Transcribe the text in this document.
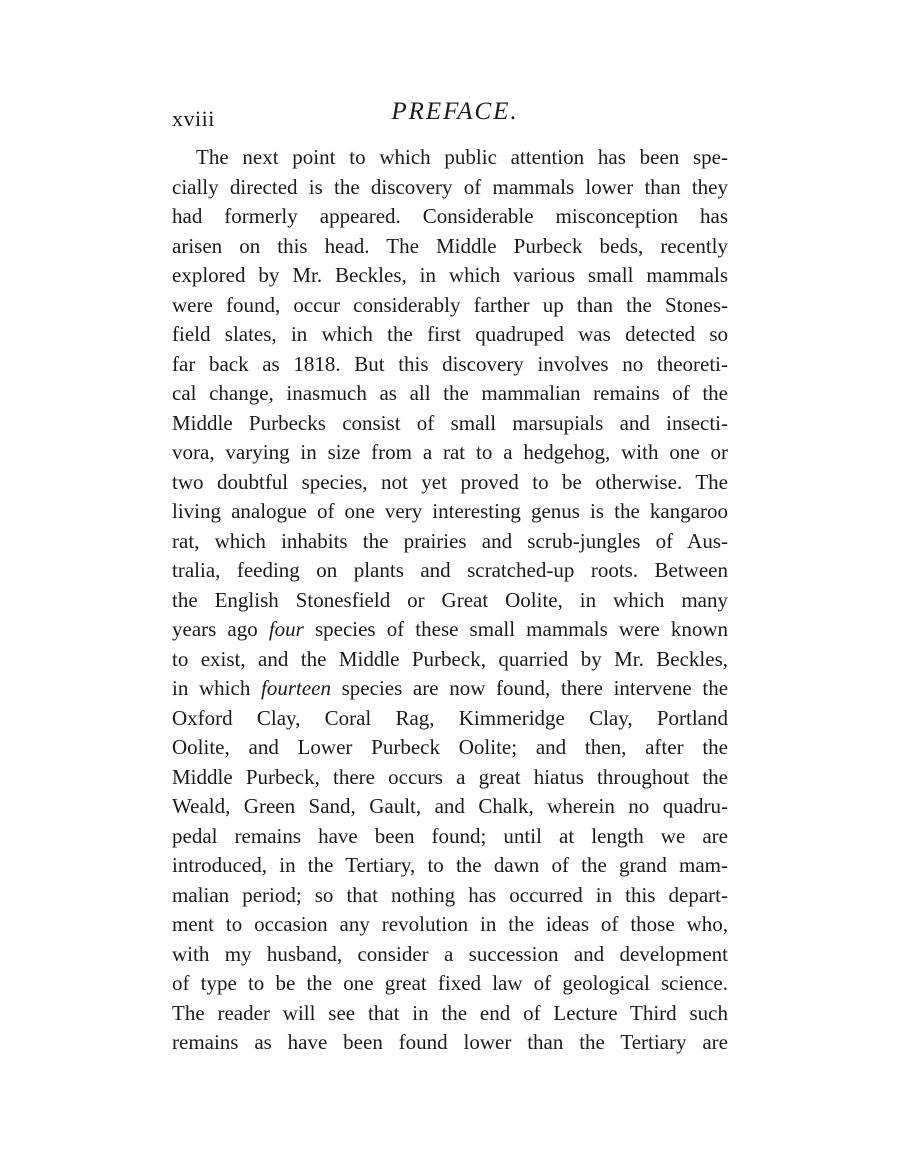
xviii	PREFACE.
The next point to which public attention has been spe-
cially directed is the discovery of mammals lower than they
had formerly appeared. Considerable misconception has
arisen on this head. The Middle Purbeck beds, recently
explored by Mr. Beckles, in which various small mammals
were found, occur considerably farther up than the Stones-
field slates, in which the first quadruped was detected so
far back as 1818. But this discovery involves no theoreti-
cal change, inasmuch as all the mammalian remains of the
Middle Purbecks consist of small marsupials and insecti-
vora, varying in size from a rat to a hedgehog, with one or
two doubtful species, not yet proved to be otherwise. The
living analogue of one very interesting genus is the kangaroo
rat, which inhabits the prairies and scrub-jungles of Aus-
tralia, feeding on plants and scratched-up roots. Between
the English Stonesfield or Great Oolite, in which many
years ago four species of these small mammals were known
to exist, and the Middle Purbeck, quarried by Mr. Beckles,
in which fourteen species are now found, there intervene the
Oxford Clay, Coral Rag, Kimmeridge Clay, Portland
Oolite, and Lower Purbeck Oolite; and then, after the
Middle Purbeck, there occurs a great hiatus throughout the
Weald, Green Sand, Gault, and Chalk, wherein no quadru-
pedal remains have been found; until at length we are
introduced, in the Tertiary, to the dawn of the grand mam-
malian period; so that nothing has occurred in this depart-
ment to occasion any revolution in the ideas of those who,
with my husband, consider a succession and development
of type to be the one great fixed law of geological science.
The reader will see that in the end of Lecture Third such
remains as have been found lower than the Tertiary are
